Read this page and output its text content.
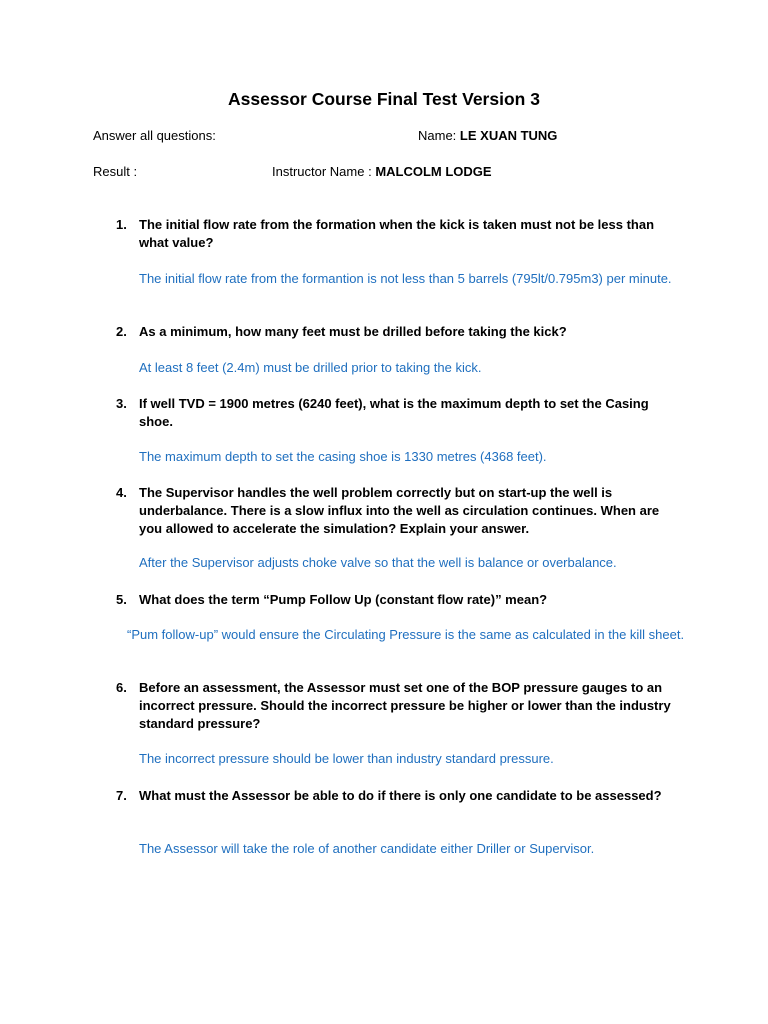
Assessor Course Final Test Version 3
Answer all questions:	Name: LE XUAN TUNG
Result :	Instructor Name : MALCOLM LODGE
1. The initial flow rate from the formation when the kick is taken must not be less than what value?
The initial flow rate from the formantion is not less than 5 barrels (795lt/0.795m3) per minute.
2. As a minimum, how many feet must be drilled before taking the kick?
At least 8 feet (2.4m) must be drilled prior to taking the kick.
3. If well TVD = 1900 metres (6240 feet), what is the maximum depth to set the Casing shoe.
The maximum depth to set the casing shoe is 1330 metres (4368 feet).
4. The Supervisor handles the well problem correctly but on start-up the well is underbalance. There is a slow influx into the well as circulation continues. When are you allowed to accelerate the simulation? Explain your answer.
After the Supervisor adjusts choke valve so that the well is balance or overbalance.
5. What does the term “Pump Follow Up (constant flow rate)” mean?
“Pum follow-up” would ensure the Circulating Pressure is the same as calculated in the kill sheet.
6. Before an assessment, the Assessor must set one of the BOP pressure gauges to an incorrect pressure. Should the incorrect pressure be higher or lower than the industry standard pressure?
The incorrect pressure should be lower than industry standard pressure.
7. What must the Assessor be able to do if there is only one candidate to be assessed?
The Assessor will take the role of another candidate either Driller or Supervisor.
